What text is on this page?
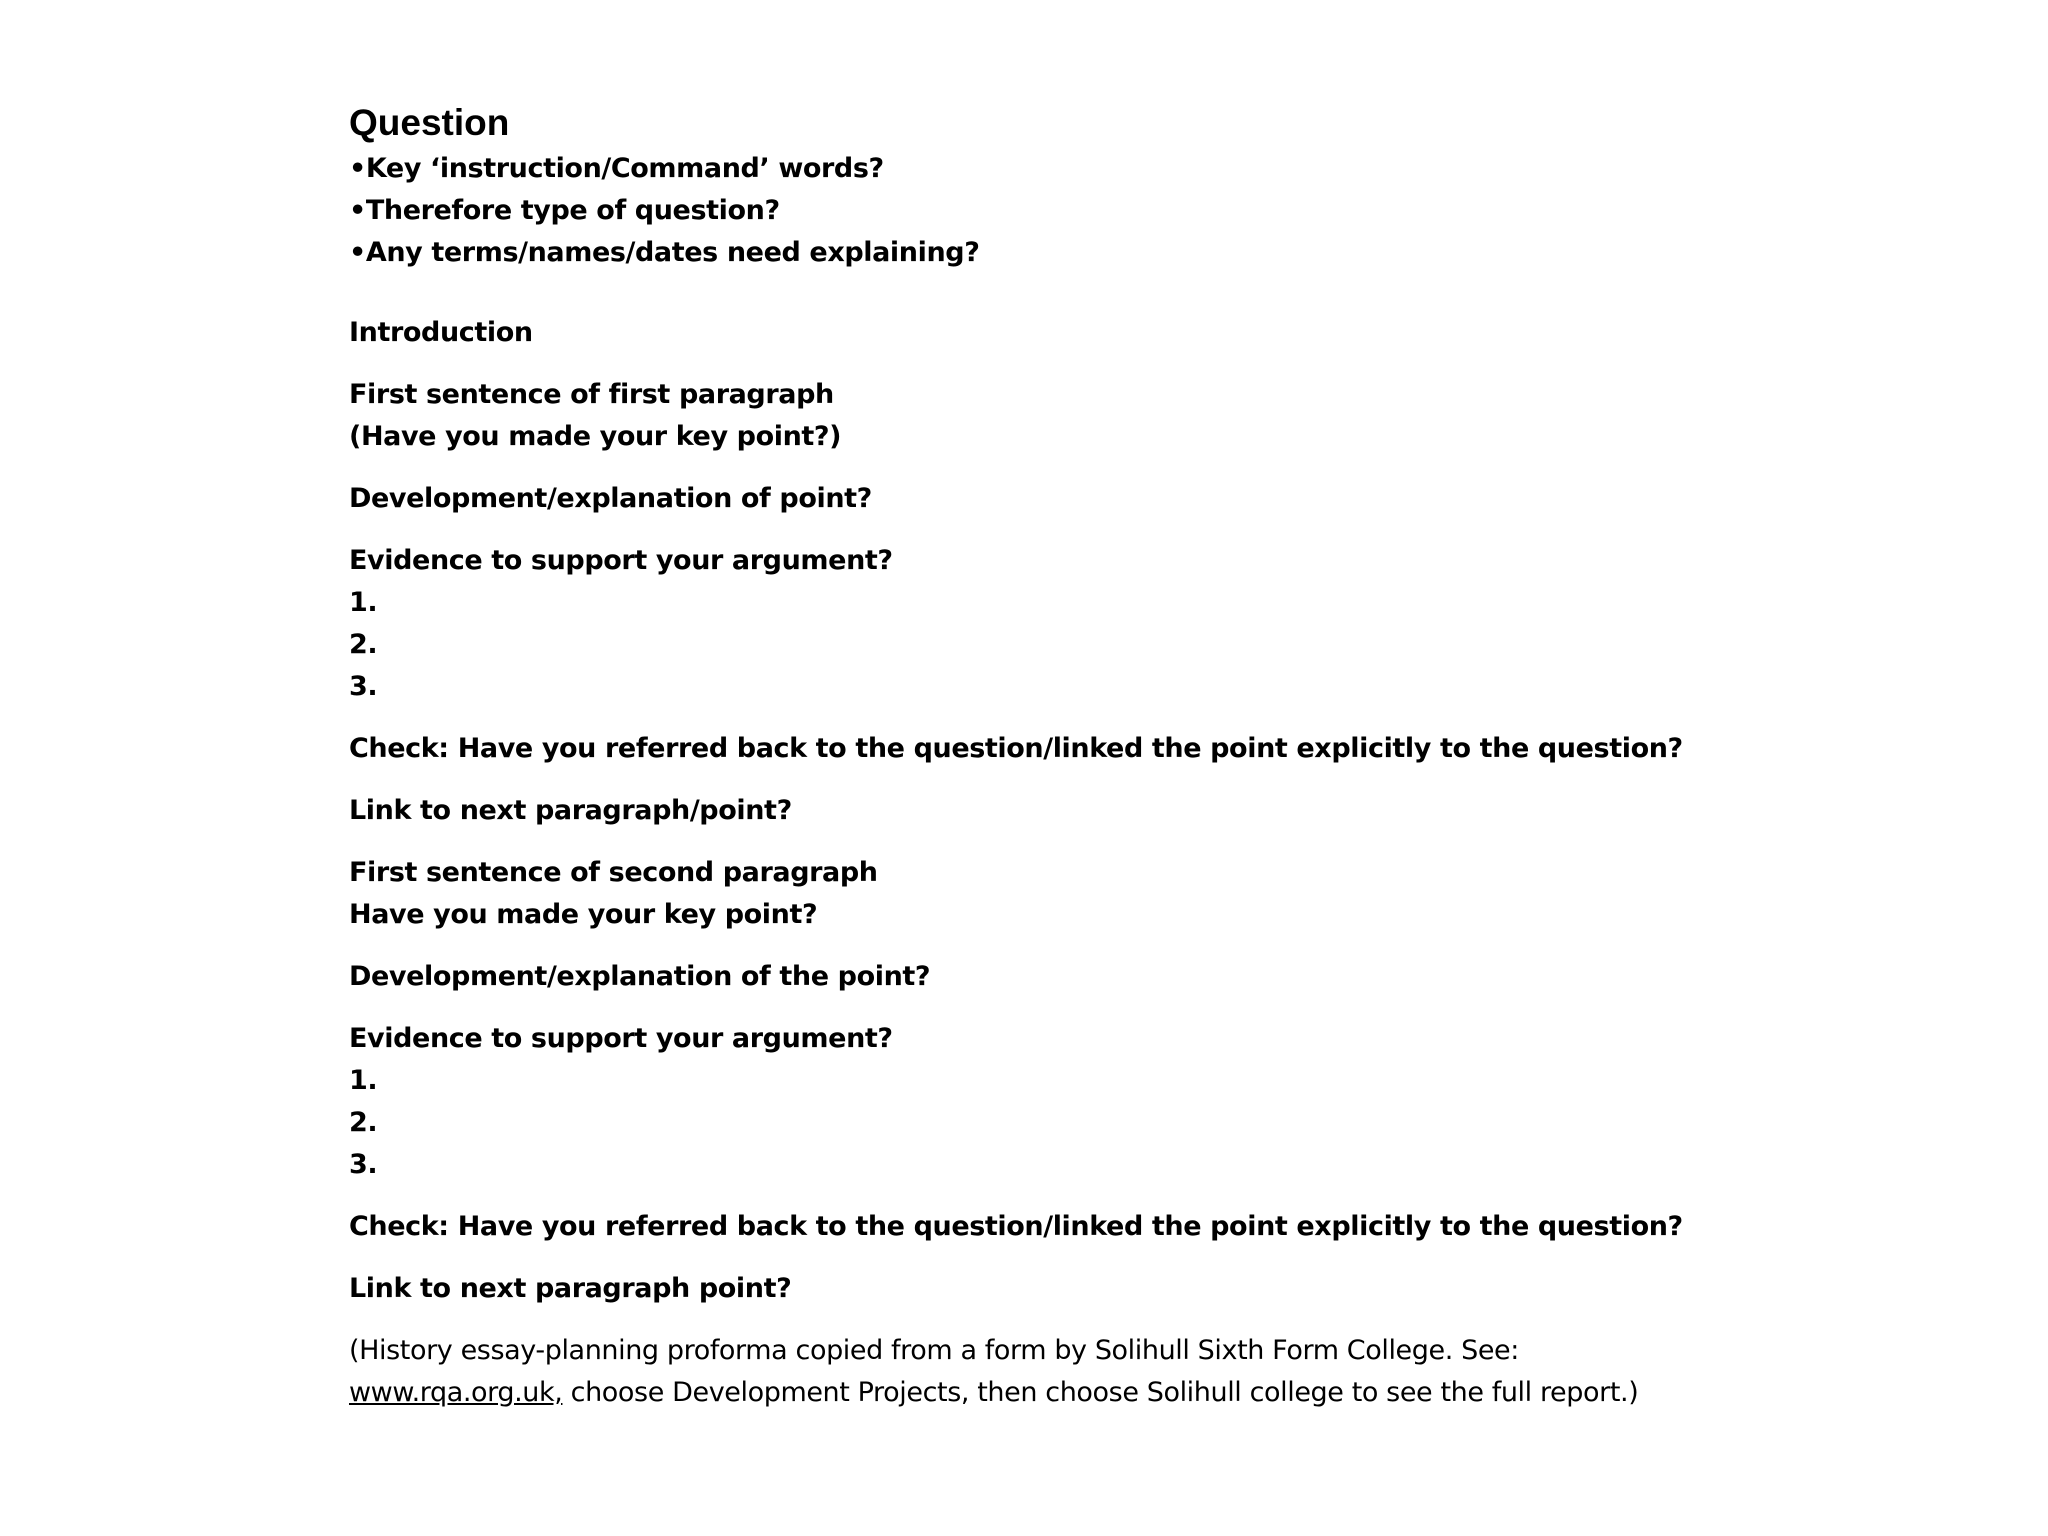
Question
•Key ‘instruction/Command’ words?
•Therefore type of question?
•Any terms/names/dates need explaining?
Introduction
First sentence of first paragraph
(Have you made your key point?)
Development/explanation of point?
Evidence to support your argument?
1.
2.
3.
Check: Have you referred back to the question/linked the point explicitly to the question?
Link to next paragraph/point?
First sentence of second paragraph
Have you made your key point?
Development/explanation of the point?
Evidence to support your argument?
1.
2.
3.
Check: Have you referred back to the question/linked the point explicitly to the question?
Link to next paragraph point?
(History essay-planning proforma copied from a form by Solihull Sixth Form College. See: www.rqa.org.uk, choose Development Projects, then choose Solihull college to see the full report.)
